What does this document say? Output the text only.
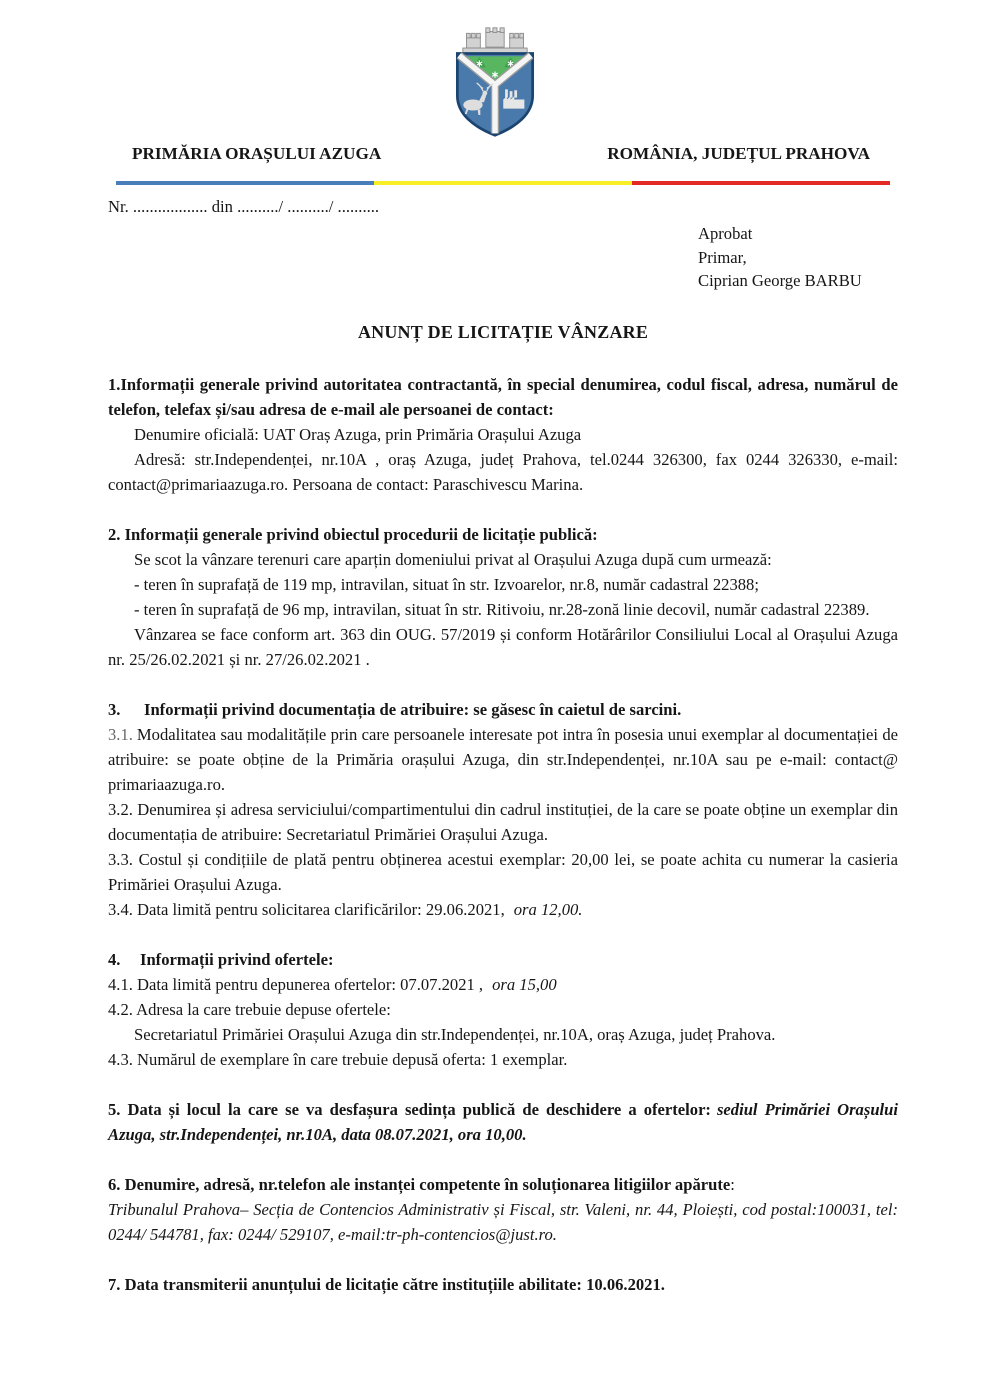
PRIMĂRIA ORAȘULUI AZUGA	ROMÂNIA, JUDEȚUL PRAHOVA

Nr. .................. din ........../ ........../ ..........

Aprobat
Primar,
Ciprian George BARBU
ANUNȚ DE LICITAȚIE VÂNZARE

1.Informații generale privind autoritatea contractantă, în special denumirea, codul fiscal, adresa, numărul de telefon, telefax și/sau adresa de e-mail ale persoanei de contact:

Denumire oficială: UAT Oraș Azuga, prin Primăria Orașului Azuga

Adresă: str.Independenței, nr.10A , oraș Azuga, județ Prahova, tel.0244 326300, fax 0244 326330, e-mail: contact@primariaazuga.ro. Persoana de contact: Paraschivescu Marina.

2. Informații generale privind obiectul procedurii de licitație publică:

Se scot la vânzare terenuri care aparțin domeniului privat al Orașului Azuga după cum urmează:

- teren în suprafață de 119 mp, intravilan, situat în str. Izvoarelor, nr.8, număr cadastral 22388;

- teren în suprafață de 96 mp, intravilan, situat în str. Ritivoiu, nr.28-zonă linie decovil, număr cadastral 22389.

Vânzarea se face conform art. 363 din OUG. 57/2019 și conform Hotărârilor Consiliului Local al Orașului Azuga nr. 25/26.02.2021 și nr. 27/26.02.2021 .

3. Informații privind documentația de atribuire: se găsesc în caietul de sarcini.

3.1. Modalitatea sau modalitățile prin care persoanele interesate pot intra în posesia unui exemplar al documentației de atribuire: se poate obține de la Primăria orașului Azuga, din str.Independenței, nr.10A sau pe e-mail: contact@ primariaazuga.ro.

3.2. Denumirea și adresa serviciului/compartimentului din cadrul instituției, de la care se poate obține un exemplar din documentația de atribuire: Secretariatul Primăriei Orașului Azuga.

3.3. Costul și condițiile de plată pentru obținerea acestui exemplar: 20,00 lei, se poate achita cu numerar la casieria Primăriei Orașului Azuga.

3.4. Data limită pentru solicitarea clarificărilor: 29.06.2021, ora 12,00.

4. Informații privind ofertele:

4.1. Data limită pentru depunerea ofertelor: 07.07.2021 , ora 15,00

4.2. Adresa la care trebuie depuse ofertele:

Secretariatul Primăriei Orașului Azuga din str.Independenței, nr.10A, oraș Azuga, județ Prahova.

4.3. Numărul de exemplare în care trebuie depusă oferta: 1 exemplar.

5. Data și locul la care se va desfașura sedința publică de deschidere a ofertelor: sediul Primăriei Orașului Azuga, str.Independenței, nr.10A, data 08.07.2021, ora 10,00.

6. Denumire, adresă, nr.telefon ale instanței competente în soluționarea litigiilor apărute:

Tribunalul Prahova– Secția de Contencios Administrativ și Fiscal, str. Valeni, nr. 44, Ploiești, cod postal:100031, tel: 0244/ 544781, fax: 0244/ 529107, e-mail:tr-ph-contencios@just.ro.

7. Data transmiterii anunțului de licitație către instituțiile abilitate: 10.06.2021.
